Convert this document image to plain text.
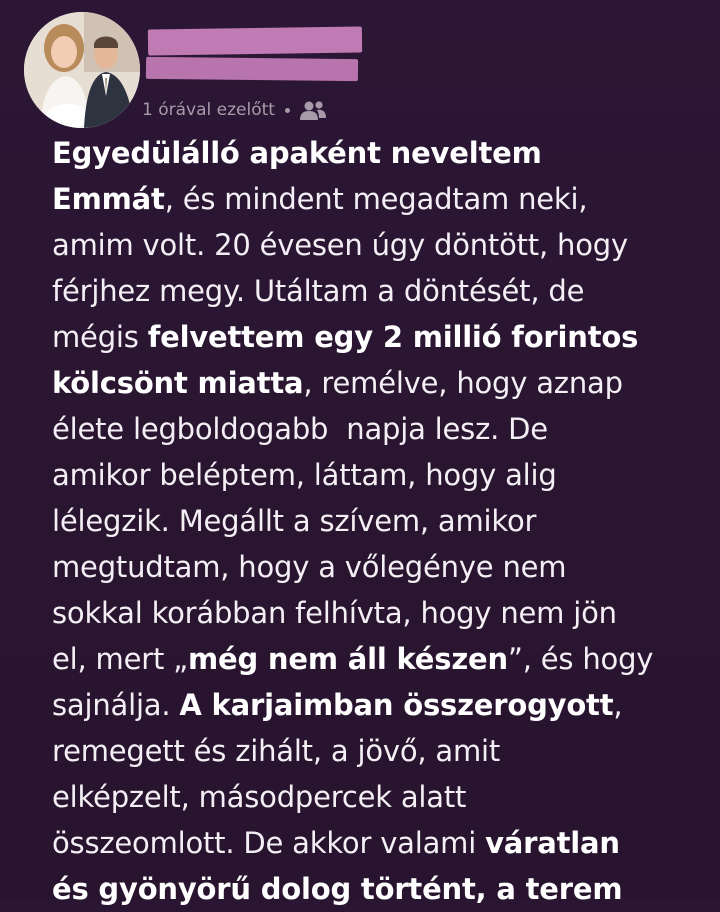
1 órával ezelőtt
Egyedülálló apaként neveltem
Emmát, és mindent megadtam neki,
amim volt. 20 évesen úgy döntött, hogy
férjhez megy. Utáltam a döntését, de
mégis felvettem egy 2 millió forintos
kölcsönt miatta, remélve, hogy aznap
élete legboldogabb  napja lesz. De
amikor beléptem, láttam, hogy alig
lélegzik. Megállt a szívem, amikor
megtudtam, hogy a vőlegénye nem
sokkal korábban felhívta, hogy nem jön
el, mert „még nem áll készen”, és hogy
sajnálja. A karjaimban összerogyott,
remegett és zihált, a jövő, amit
elképzelt, másodpercek alatt
összeomlott. De akkor valami váratlan
és gyönyörű dolog történt, a terem
